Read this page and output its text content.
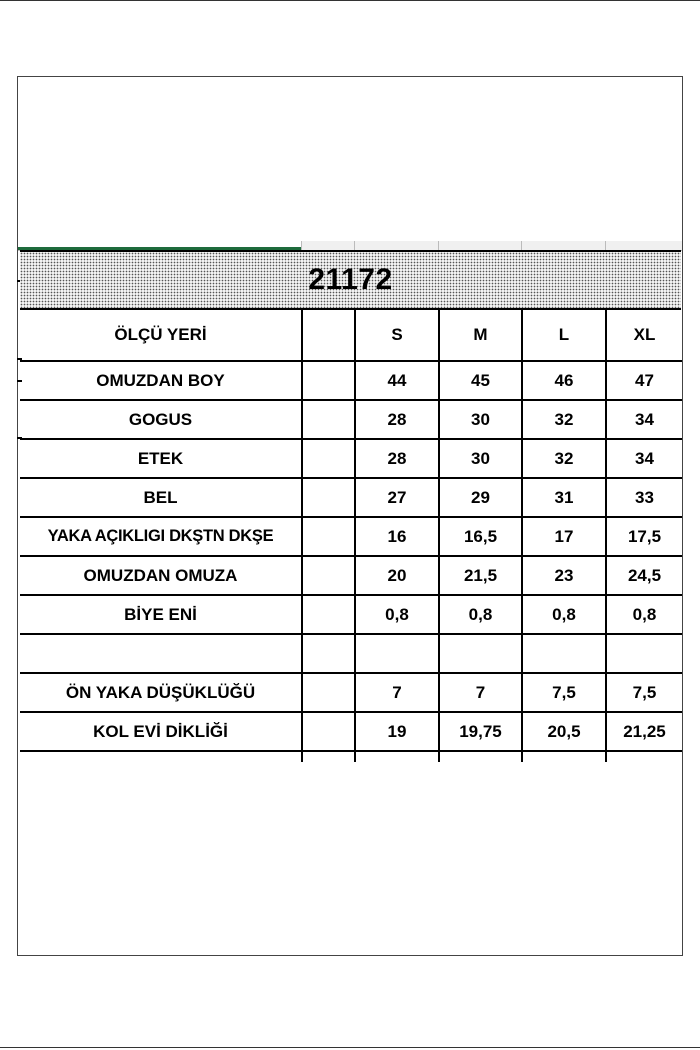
21172
ÖLÇÜ YERİ		S	M	L	XL
OMUZDAN BOY		44	45	46	47
GOGUS		28	30	32	34
ETEK		28	30	32	34
BEL		27	29	31	33
YAKA AÇIKLIGI DKŞTN DKŞE		16	16,5	17	17,5
OMUZDAN OMUZA		20	21,5	23	24,5
BİYE ENİ		0,8	0,8	0,8	0,8

ÖN YAKA DÜŞÜKLÜĞÜ		7	7	7,5	7,5
KOL EVİ DİKLİĞİ		19	19,75	20,5	21,25
